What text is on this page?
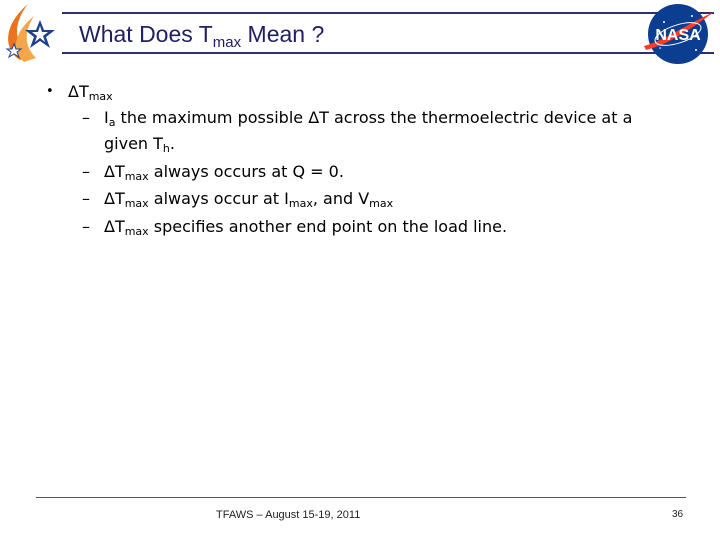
What Does $T_{max}$ Mean ?	NASA
• $\Delta T_{max}$
– $I_a$ the maximum possible ΔT across the thermoelectric device at a
given $T_h$.
– $\Delta T_{max}$ always occurs at Q = 0.
– $\Delta T_{max}$ always occur at $I_{max}$, and $V_{max}$
– $\Delta T_{max}$ specifies another end point on the load line.
TFAWS – August 15-19, 2011	36
